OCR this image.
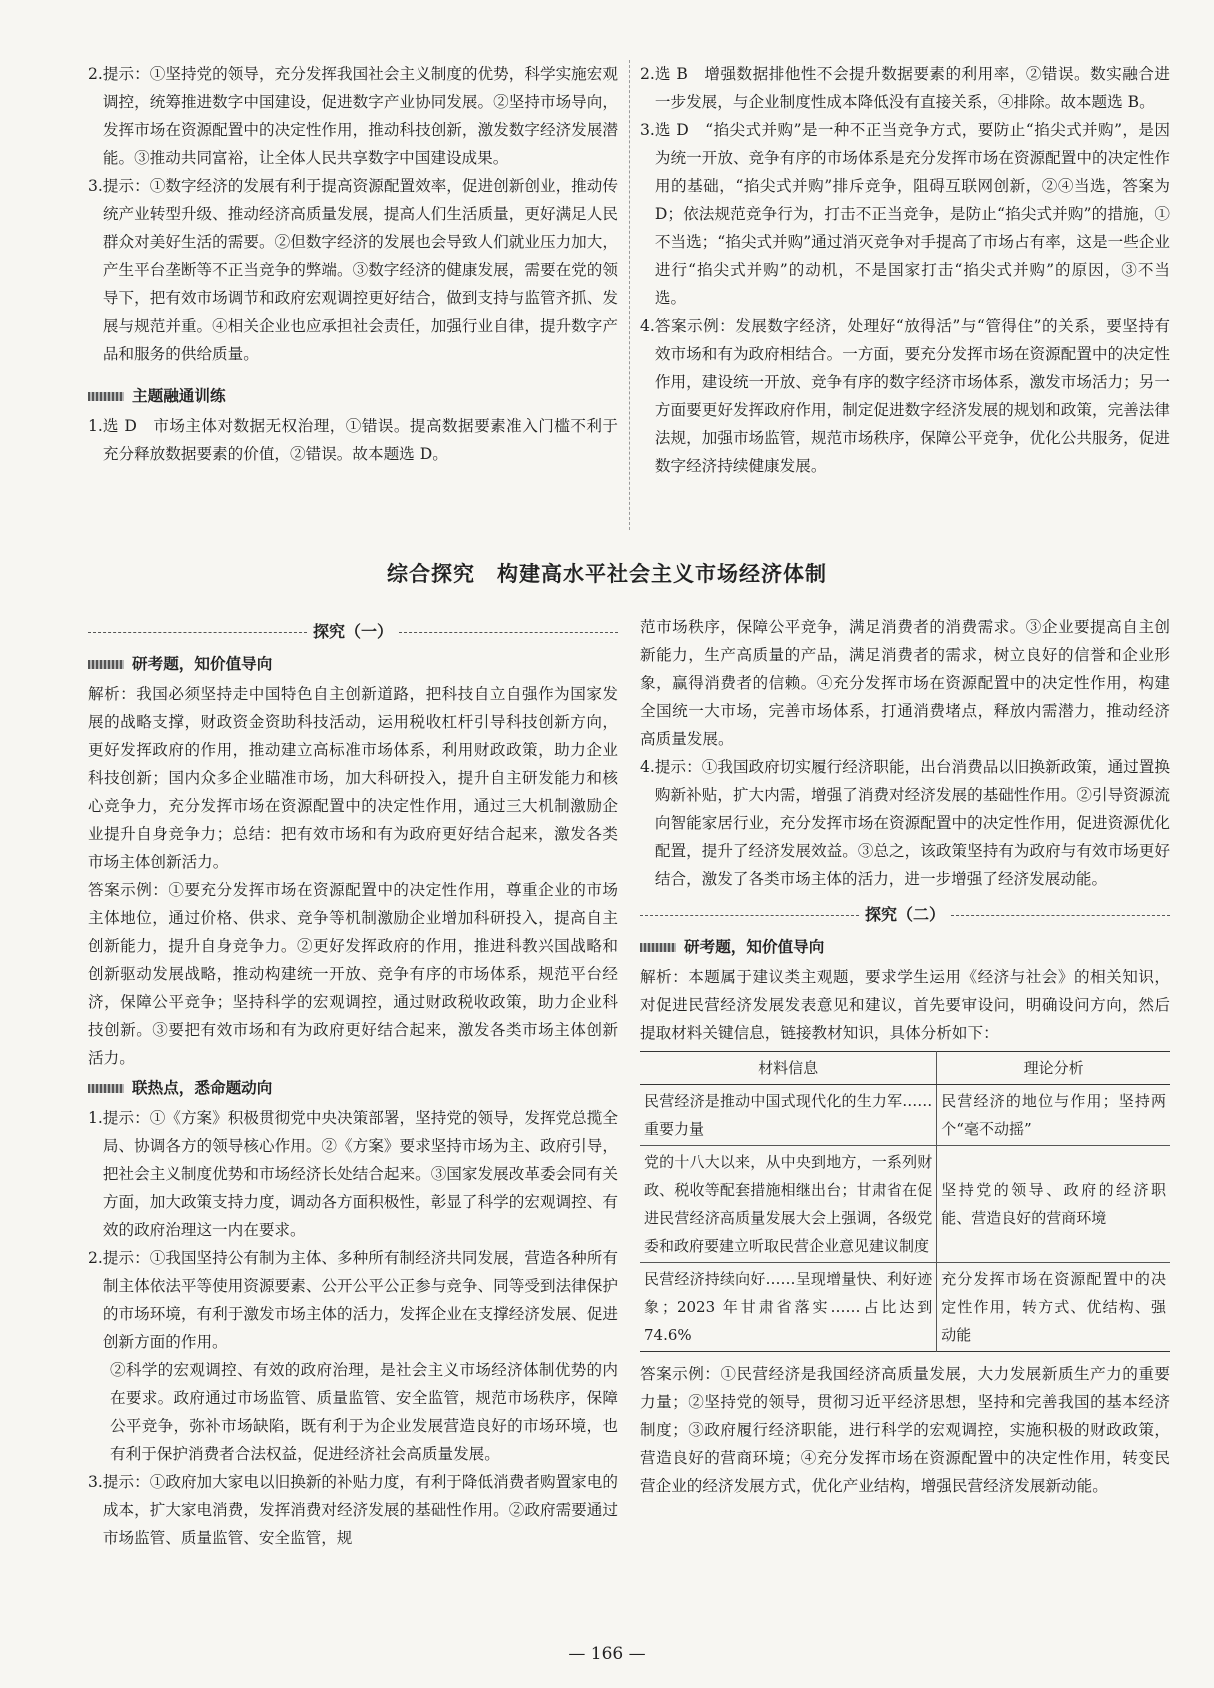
2. 提示：①坚持党的领导，充分发挥我国社会主义制度的优势，科学实施宏观调控，统筹推进数字中国建设，促进数字产业协同发展。②坚持市场导向，发挥市场在资源配置中的决定性作用，推动科技创新，激发数字经济发展潜能。③推动共同富裕，让全体人民共享数字中国建设成果。
3. 提示：①数字经济的发展有利于提高资源配置效率，促进创新创业，推动传统产业转型升级、推动经济高质量发展，提高人们生活质量，更好满足人民群众对美好生活的需要。②但数字经济的发展也会导致人们就业压力加大，产生平台垄断等不正当竞争的弊端。③数字经济的健康发展，需要在党的领导下，把有效市场调节和政府宏观调控更好结合，做到支持与监管齐抓、发展与规范并重。④相关企业也应承担社会责任，加强行业自律，提升数字产品和服务的供给质量。
主题融通训练
1. 选 D　市场主体对数据无权治理，①错误。提高数据要素准入门槛不利于充分释放数据要素的价值，②错误。故本题选 D。
2. 选 B　增强数据排他性不会提升数据要素的利用率，②错误。数实融合进一步发展，与企业制度性成本降低没有直接关系，④排除。故本题选 B。
3. 选 D　“掐尖式并购”是一种不正当竞争方式，要防止“掐尖式并购”，是因为统一开放、竞争有序的市场体系是充分发挥市场在资源配置中的决定性作用的基础，“掐尖式并购”排斥竞争，阻碍互联网创新，②④当选，答案为 D；依法规范竞争行为，打击不正当竞争，是防止“掐尖式并购”的措施，①不当选；“掐尖式并购”通过消灭竞争对手提高了市场占有率，这是一些企业进行“掐尖式并购”的动机，不是国家打击“掐尖式并购”的原因，③不当选。
4. 答案示例：发展数字经济，处理好“放得活”与“管得住”的关系，要坚持有效市场和有为政府相结合。一方面，要充分发挥市场在资源配置中的决定性作用，建设统一开放、竞争有序的数字经济市场体系，激发市场活力；另一方面要更好发挥政府作用，制定促进数字经济发展的规划和政策，完善法律法规，加强市场监管，规范市场秩序，保障公平竞争，优化公共服务，促进数字经济持续健康发展。
综合探究　构建高水平社会主义市场经济体制
探究（一）
研考题，知价值导向

解析：我国必须坚持走中国特色自主创新道路，把科技自立自强作为国家发展的战略支撑，财政资金资助科技活动，运用税收杠杆引导科技创新方向，更好发挥政府的作用，推动建立高标准市场体系，利用财政政策，助力企业科技创新；国内众多企业瞄准市场，加大科研投入，提升自主研发能力和核心竞争力，充分发挥市场在资源配置中的决定性作用，通过三大机制激励企业提升自身竞争力；总结：把有效市场和有为政府更好结合起来，激发各类市场主体创新活力。

答案示例：①要充分发挥市场在资源配置中的决定性作用，尊重企业的市场主体地位，通过价格、供求、竞争等机制激励企业增加科研投入，提高自主创新能力，提升自身竞争力。②更好发挥政府的作用，推进科教兴国战略和创新驱动发展战略，推动构建统一开放、竞争有序的市场体系，规范平台经济，保障公平竞争；坚持科学的宏观调控，通过财政税收政策，助力企业科技创新。③要把有效市场和有为政府更好结合起来，激发各类市场主体创新活力。

联热点，悉命题动向
1. 提示：①《方案》积极贯彻党中央决策部署，坚持党的领导，发挥党总揽全局、协调各方的领导核心作用。②《方案》要求坚持市场为主、政府引导，把社会主义制度优势和市场经济长处结合起来。③国家发展改革委会同有关方面，加大政策支持力度，调动各方面积极性，彰显了科学的宏观调控、有效的政府治理这一内在要求。
2. 提示：①我国坚持公有制为主体、多种所有制经济共同发展，营造各种所有制主体依法平等使用资源要素、公开公平公正参与竞争、同等受到法律保护的市场环境，有利于激发市场主体的活力，发挥企业在支撑经济发展、促进创新方面的作用。

②科学的宏观调控、有效的政府治理，是社会主义市场经济体制优势的内在要求。政府通过市场监管、质量监管、安全监管，规范市场秩序，保障公平竞争，弥补市场缺陷，既有利于为企业发展营造良好的市场环境，也有利于保护消费者合法权益，促进经济社会高质量发展。

3. 提示：①政府加大家电以旧换新的补贴力度，有利于降低消费者购置家电的成本，扩大家电消费，发挥消费对经济发展的基础性作用。②政府需要通过市场监管、质量监管、安全监管，规

范市场秩序，保障公平竞争，满足消费者的消费需求。③企业要提高自主创新能力，生产高质量的产品，满足消费者的需求，树立良好的信誉和企业形象，赢得消费者的信赖。④充分发挥市场在资源配置中的决定性作用，构建全国统一大市场，完善市场体系，打通消费堵点，释放内需潜力，推动经济高质量发展。

4. 提示：①我国政府切实履行经济职能，出台消费品以旧换新政策，通过置换购新补贴，扩大内需，增强了消费对经济发展的基础性作用。②引导资源流向智能家居行业，充分发挥市场在资源配置中的决定性作用，促进资源优化配置，提升了经济发展效益。③总之，该政策坚持有为政府与有效市场更好结合，激发了各类市场主体的活力，进一步增强了经济发展动能。
探究（二）
研考题，知价值导向

解析：本题属于建议类主观题，要求学生运用《经济与社会》的相关知识，对促进民营经济发展发表意见和建议，首先要审设问，明确设问方向，然后提取材料关键信息，链接教材知识，具体分析如下：

材料信息	理论分析
民营经济是推动中国式现代化的生力军……重要力量	民营经济的地位与作用；坚持两个“毫不动摇”
党的十八大以来，从中央到地方，一系列财政、税收等配套措施相继出台；甘肃省在促进民营经济高质量发展大会上强调，各级党委和政府要建立听取民营企业意见建议制度	坚持党的领导、政府的经济职能、营造良好的营商环境
民营经济持续向好……呈现增量快、利好迹象；2023 年甘肃省落实……占比达到 74.6%	充分发挥市场在资源配置中的决定性作用，转方式、优结构、强动能

答案示例：①民营经济是我国经济高质量发展，大力发展新质生产力的重要力量；②坚持党的领导，贯彻习近平经济思想，坚持和完善我国的基本经济制度；③政府履行经济职能，进行科学的宏观调控，实施积极的财政政策，营造良好的营商环境；④充分发挥市场在资源配置中的决定性作用，转变民营企业的经济发展方式，优化产业结构，增强民营经济发展新动能。

— 166 —
